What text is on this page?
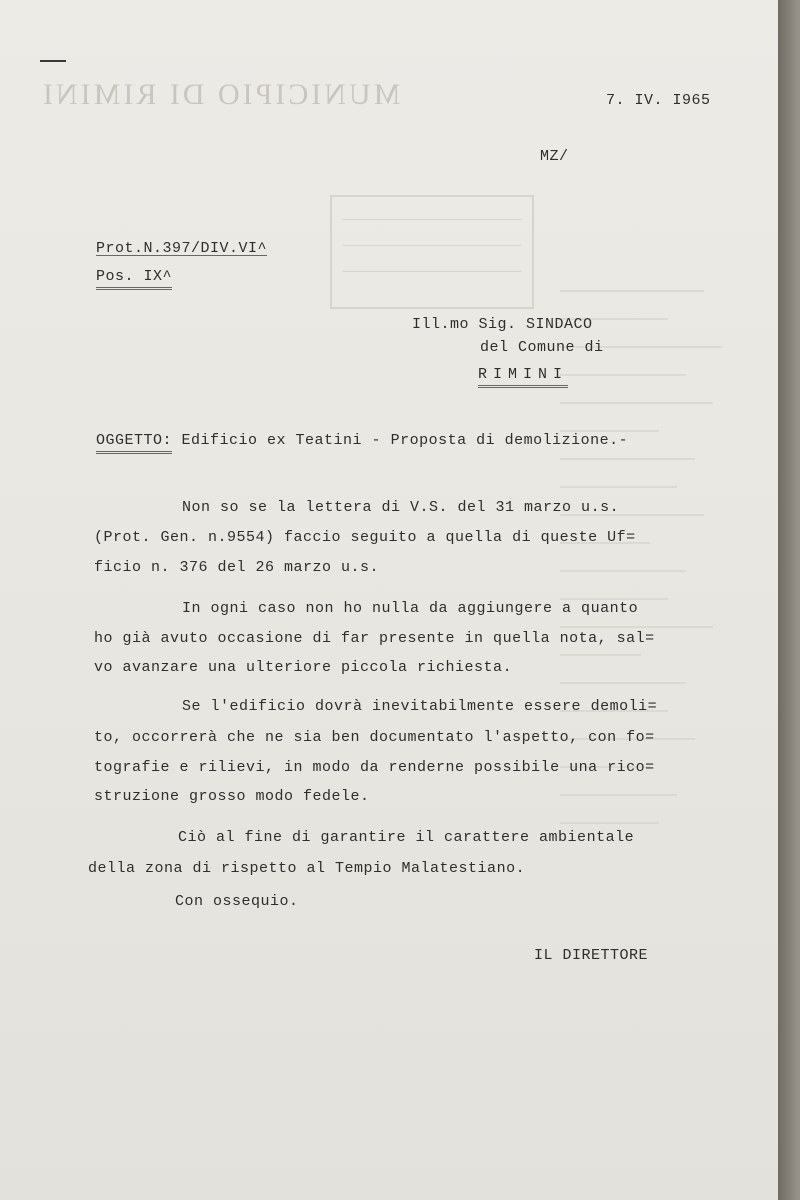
MUNICIPIO DI RIMINI	7. IV. I965
MZ/
Prot.N.397/DIV.VI^
Pos. IX^
Ill.mo Sig. SINDACO
del Comune di
RIMINI
OGGETTO: Edificio ex Teatini - Proposta di demolizione.-
Non so se la lettera di V.S. del 31 marzo u.s.
(Prot. Gen. n.9554) faccio seguito a quella di queste Uf=
ficio n. 376 del 26 marzo u.s.
In ogni caso non ho nulla da aggiungere a quanto
ho già avuto occasione di far presente in quella nota, sal=
vo avanzare una ulteriore piccola richiesta.
Se l'edificio dovrà inevitabilmente essere demoli=
to, occorrerà che ne sia ben documentato l'aspetto, con fo=
tografie e rilievi, in modo da renderne possibile una rico=
struzione grosso modo fedele.
Ciò al fine di garantire il carattere ambientale
della zona di rispetto al Tempio Malatestiano.
Con ossequio.
IL DIRETTORE
